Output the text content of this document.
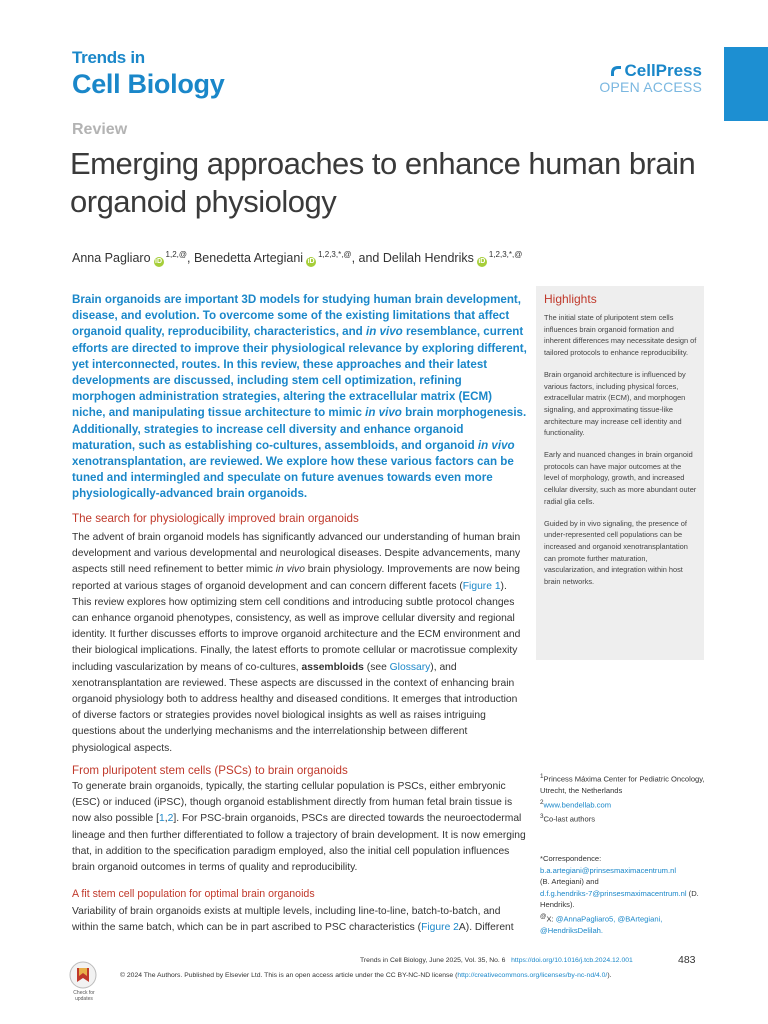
Trends in
Cell Biology	CellPress
OPEN ACCESS
Review
Emerging approaches to enhance human brain organoid physiology
Anna Pagliaro $iD^{1,2,@}$, Benedetta Artegiani $iD^{1,2,3,*,@}$, and Delilah Hendriks $iD^{1,2,3,*,@}$

Brain organoids are important 3D models for studying human brain development, disease, and evolution. To overcome some of the existing limitations that affect organoid quality, reproducibility, characteristics, and in vivo resemblance, current efforts are directed to improve their physiological relevance by exploring different, yet interconnected, routes. In this review, these approaches and their latest developments are discussed, including stem cell optimization, refining morphogen administration strategies, altering the extracellular matrix (ECM) niche, and manipulating tissue architecture to mimic in vivo brain morphogenesis. Additionally, strategies to increase cell diversity and enhance organoid maturation, such as establishing co-cultures, assembloids, and organoid in vivo xenotransplantation, are reviewed. We explore how these various factors can be tuned and intermingled and speculate on future avenues towards even more physiologically-advanced brain organoids.

Highlights

The initial state of pluripotent stem cells influences brain organoid formation and inherent differences may necessitate design of tailored protocols to enhance reproducibility.

Brain organoid architecture is influenced by various factors, including physical forces, extracellular matrix (ECM), and morphogen signaling, and approximating tissue-like architecture may increase cell identity and functionality.

Early and nuanced changes in brain organoid protocols can have major outcomes at the level of morphology, growth, and increased cellular diversity, such as more abundant outer radial glia cells.

Guided by in vivo signaling, the presence of under-represented cell populations can be increased and organoid xenotransplantation can promote further maturation, vascularization, and integration within host brain networks.

The search for physiologically improved brain organoids

The advent of brain organoid models has significantly advanced our understanding of human brain development and various developmental and neurological diseases. Despite advancements, many aspects still need refinement to better mimic in vivo brain physiology. Improvements are now being reported at various stages of organoid development and can concern different facets (Figure 1). This review explores how optimizing stem cell conditions and introducing subtle protocol changes can enhance organoid phenotypes, consistency, as well as improve cellular diversity and regional identity. It further discusses efforts to improve organoid architecture and the ECM environment and their biological implications. Finally, the latest efforts to promote cellular or macrotissue complexity including vascularization by means of co-cultures, assembloids (see Glossary), and xenotransplantation are reviewed. These aspects are discussed in the context of enhancing brain organoid physiology both to address healthy and diseased conditions. It emerges that introduction of diverse factors or strategies provides novel biological insights as well as raises intriguing questions about the underlying mechanisms and the interrelationship between different physiological aspects.

From pluripotent stem cells (PSCs) to brain organoids

To generate brain organoids, typically, the starting cellular population is PSCs, either embryonic (ESC) or induced (iPSC), though organoid establishment directly from human fetal brain tissue is now also possible [1,2]. For PSC-brain organoids, PSCs are directed towards the neuroectodermal lineage and then further differentiated to follow a trajectory of brain development. It is now emerging that, in addition to the specification paradigm employed, also the initial cell population influences brain organoid outcomes in terms of quality and reproducibility.

A fit stem cell population for optimal brain organoids

Variability of brain organoids exists at multiple levels, including line-to-line, batch-to-batch, and within the same batch, which can be in part ascribed to PSC characteristics (Figure 2A). Different

$^1$Princess Máxima Center for Pediatric Oncology, Utrecht, the Netherlands

$^2$www.bendellab.com

$^3$Co-last authors

*Correspondence:

b.a.artegiani@prinsesmaximacentrum.nl

(B. Artegiani) and

d.f.g.hendriks-7@prinsesmaximacentrum.nl (D. Hendriks).

@X: @AnnaPagliaro5, @BArtegiani, @HendriksDelilah.

Check for updates
Trends in Cell Biology, June 2025, Vol. 35, No. 6 https://doi.org/10.1016/j.tcb.2024.12.001	483
© 2024 The Authors. Published by Elsevier Ltd. This is an open access article under the CC BY-NC-ND license (http://creativecommons.org/licenses/by-nc-nd/4.0/).
